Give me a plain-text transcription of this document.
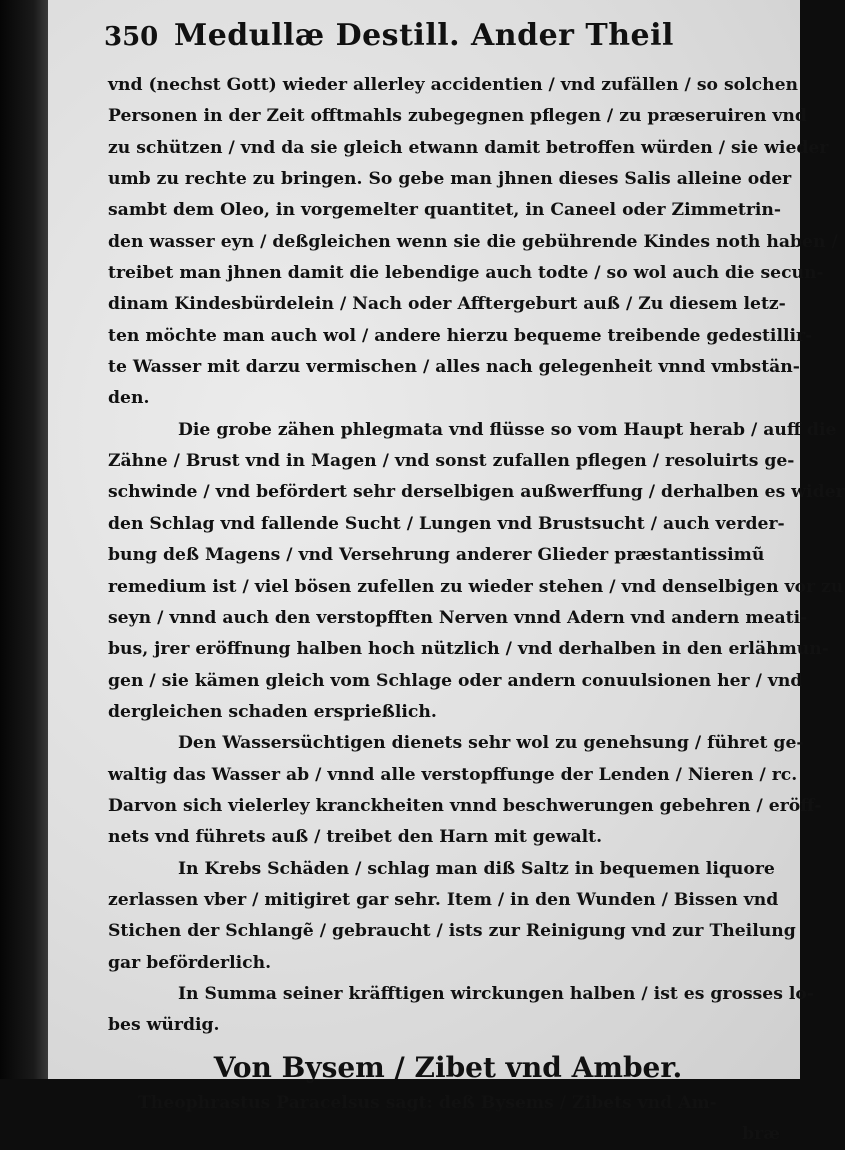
350 Medullæ Destill. Ander Theil
vnd (nechst Gott) wieder allerley accidentien / vnd zufällen / so solchen
Personen in der Zeit offtmahls zubegegnen pflegen / zu præseruiren vnd
zu schützen / vnd da sie gleich etwann damit betroffen würden / sie wieder
umb zu rechte zu bringen. So gebe man jhnen dieses Salis alleine oder
sambt dem Oleo, in vorgemelter quantitet, in Caneel oder Zimmetrin-
den wasser eyn / deßgleichen wenn sie die gebührende Kindes noth haben /
treibet man jhnen damit die lebendige auch todte / so wol auch die secun-
dinam Kindesbürdelein / Nach oder Afftergeburt auß / Zu diesem letz-
ten möchte man auch wol / andere hierzu bequeme treibende gedestillir-
te Wasser mit darzu vermischen / alles nach gelegenheit vnnd vmbstän-
den.
Die grobe zähen phlegmata vnd flüsse so vom Haupt herab / auff die
Zähne / Brust vnd in Magen / vnd sonst zufallen pflegen / resoluirts ge-
schwinde / vnd befördert sehr derselbigen außwerffung / derhalben es wider
den Schlag vnd fallende Sucht / Lungen vnd Brustsucht / auch verder-
bung deß Magens / vnd Versehrung anderer Glieder præstantissimũ
remedium ist / viel bösen zufellen zu wieder stehen / vnd denselbigen vor zu
seyn / vnnd auch den verstopfften Nerven vnnd Adern vnd andern meati-
bus, jrer eröffnung halben hoch nützlich / vnd derhalben in den erlähmun-
gen / sie kämen gleich vom Schlage oder andern conuulsionen her / vnd
dergleichen schaden ersprießlich.
Den Wassersüchtigen dienets sehr wol zu genehsung / führet ge-
waltig das Wasser ab / vnnd alle verstopffunge der Lenden / Nieren / rc.
Darvon sich vielerley kranckheiten vnnd beschwerungen gebehren / eröff-
nets vnd führets auß / treibet den Harn mit gewalt.
In Krebs Schäden / schlag man diß Saltz in bequemen liquore
zerlassen vber / mitigiret gar sehr. Item / in den Wunden / Bissen vnd
Stichen der Schlangẽ / gebraucht / ists zur Reinigung vnd zur Theilung
gar beförderlich.
In Summa seiner kräfftigen wirckungen halben / ist es grosses lo-
bes würdig.
Von Bysem / Zibet vnd Amber.
Theophrastus Paracelsus sagt: deß Bysems / Zibets vnd Am-
bræ
